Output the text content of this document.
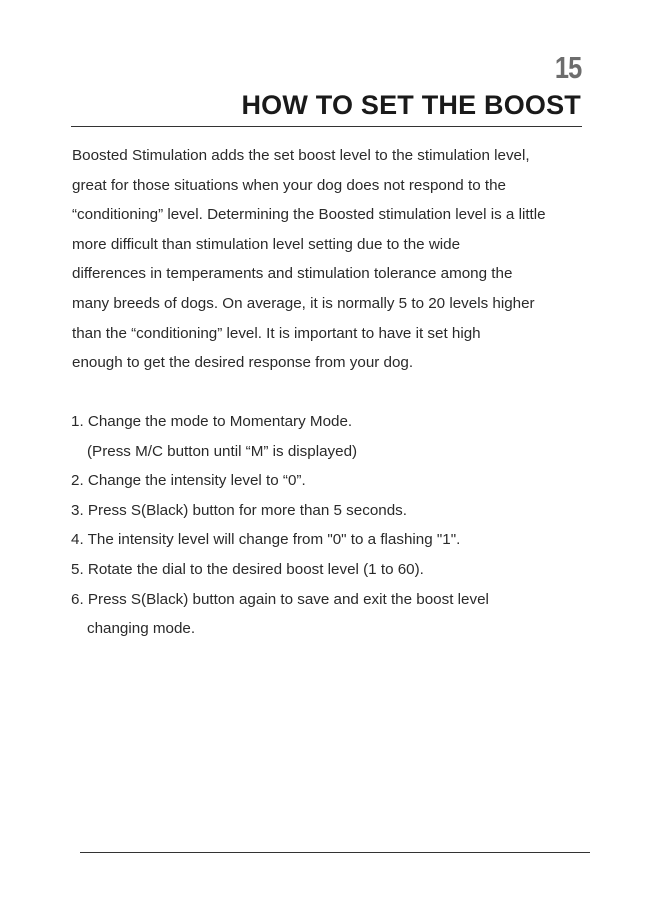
15
HOW TO SET THE BOOST
Boosted Stimulation adds the set boost level to the stimulation level,
great for those situations when your dog does not respond to the
“conditioning” level. Determining the Boosted stimulation level is a little
more difficult than stimulation level setting due to the wide
differences in temperaments and stimulation tolerance among the
many breeds of dogs. On average, it is normally 5 to 20 levels higher
than the “conditioning” level. It is important to have it set high
enough to get the desired response from your dog.
1. Change the mode to Momentary Mode.
(Press M/C button until “M” is displayed)
2. Change the intensity level to “0”.
3. Press S(Black) button for more than 5 seconds.
4. The intensity level will change from "0" to a flashing "1".
5. Rotate the dial to the desired boost level (1 to 60).
6. Press S(Black) button again to save and exit the boost level
changing mode.
